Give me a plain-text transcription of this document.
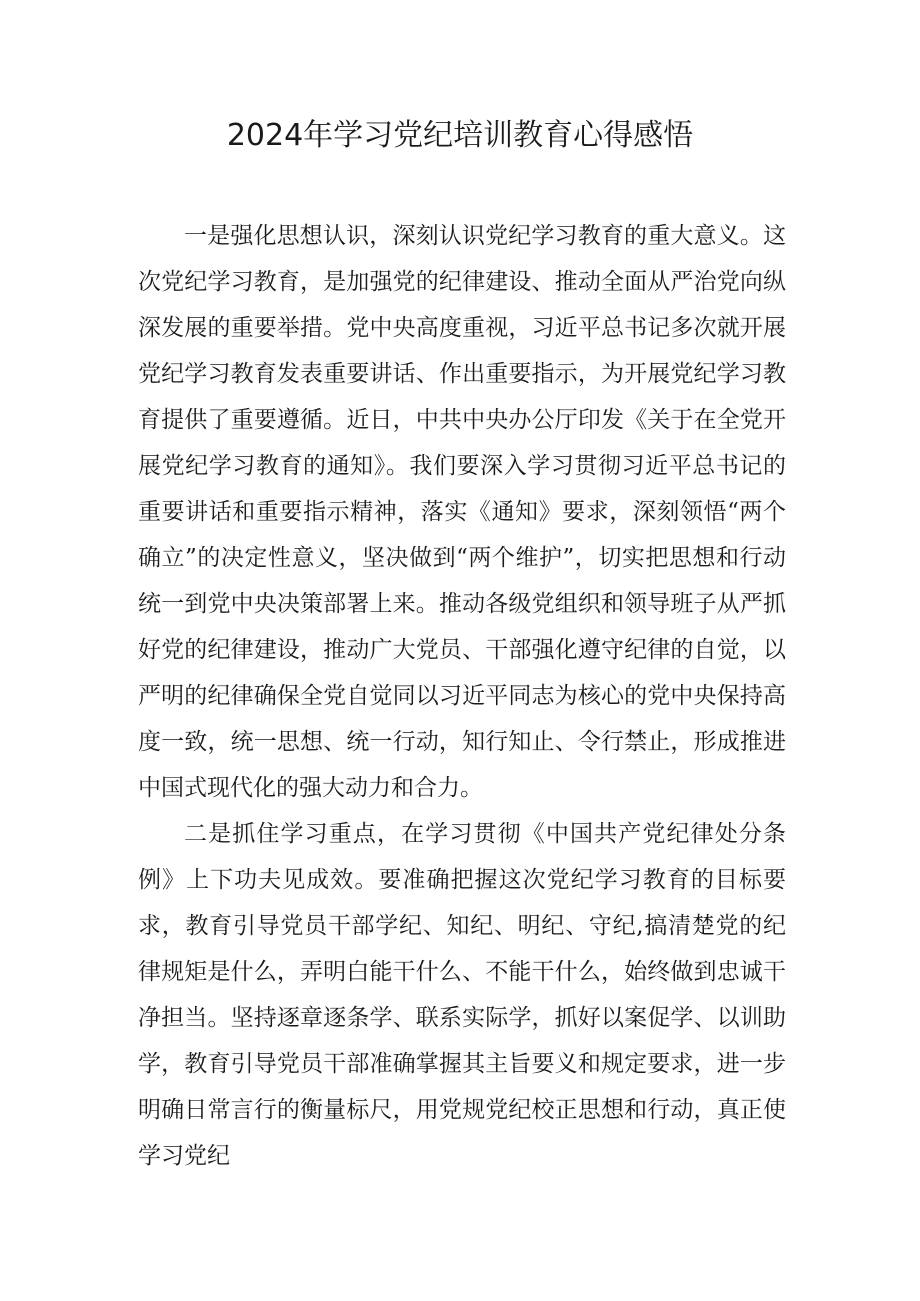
2024年学习党纪培训教育心得感悟

一是强化思想认识，深刻认识党纪学习教育的重大意义。这次党纪学习教育，是加强党的纪律建设、推动全面从严治党向纵深发展的重要举措。党中央高度重视，习近平总书记多次就开展党纪学习教育发表重要讲话、作出重要指示，为开展党纪学习教育提供了重要遵循。近日，中共中央办公厅印发《关于在全党开展党纪学习教育的通知》。我们要深入学习贯彻习近平总书记的重要讲话和重要指示精神，落实《通知》要求，深刻领悟“两个确立”的决定性意义，坚决做到“两个维护”，切实把思想和行动统一到党中央决策部署上来。推动各级党组织和领导班子从严抓好党的纪律建设，推动广大党员、干部强化遵守纪律的自觉，以严明的纪律确保全党自觉同以习近平同志为核心的党中央保持高度一致，统一思想、统一行动，知行知止、令行禁止，形成推进中国式现代化的强大动力和合力。

二是抓住学习重点，在学习贯彻《中国共产党纪律处分条例》上下功夫见成效。要准确把握这次党纪学习教育的目标要求，教育引导党员干部学纪、知纪、明纪、守纪,搞清楚党的纪律规矩是什么，弄明白能干什么、不能干什么，始终做到忠诚干净担当。坚持逐章逐条学、联系实际学，抓好以案促学、以训助学，教育引导党员干部准确掌握其主旨要义和规定要求，进一步明确日常言行的衡量标尺，用党规党纪校正思想和行动，真正使学习党纪
